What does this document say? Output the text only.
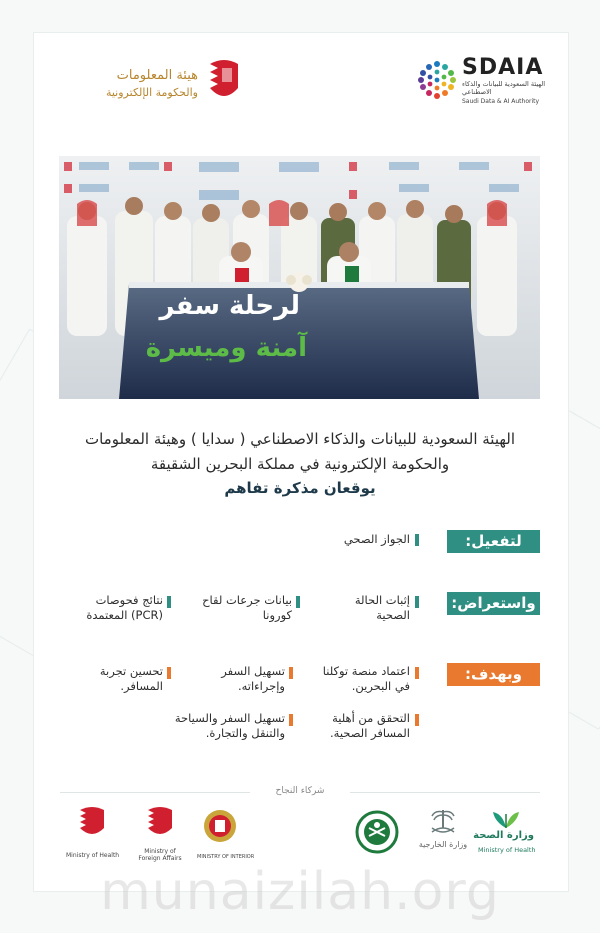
SDAIA
الهيئة السعودية للبيانات والذكاء الاصطناعي
Saudi Data & AI Authority
هيئة المعلومات
والحكومة الإلكترونية
لرحلة سفر
آمنة وميسرة
الهيئة السعودية للبيانات والذكاء الاصطناعي ( سدايا ) وهيئة المعلومات
والحكومة الإلكترونية في مملكة البحرين الشقيقة
يوقعان مذكرة تفاهم
لتفعيل:
الجواز الصحي
واستعراض:
إثبات الحالة الصحية
بيانات جرعات لقاح كورونا
نتائج فحوصات (PCR) المعتمدة
وبهدف:
اعتماد منصة توكلنا في البحرين.
تسهيل السفر وإجراءاته.
تحسين تجربة المسافر.
التحقق من أهلية المسافر الصحية.
تسهيل السفر والسياحة والتنقل والتجارة.
شركاء النجاح
Ministry of Health
Ministry of Foreign Affairs	MINISTRY OF INTERIOR
وزارة الخارجية
وزارة الصحة
Ministry of Health
munaizilah.org
